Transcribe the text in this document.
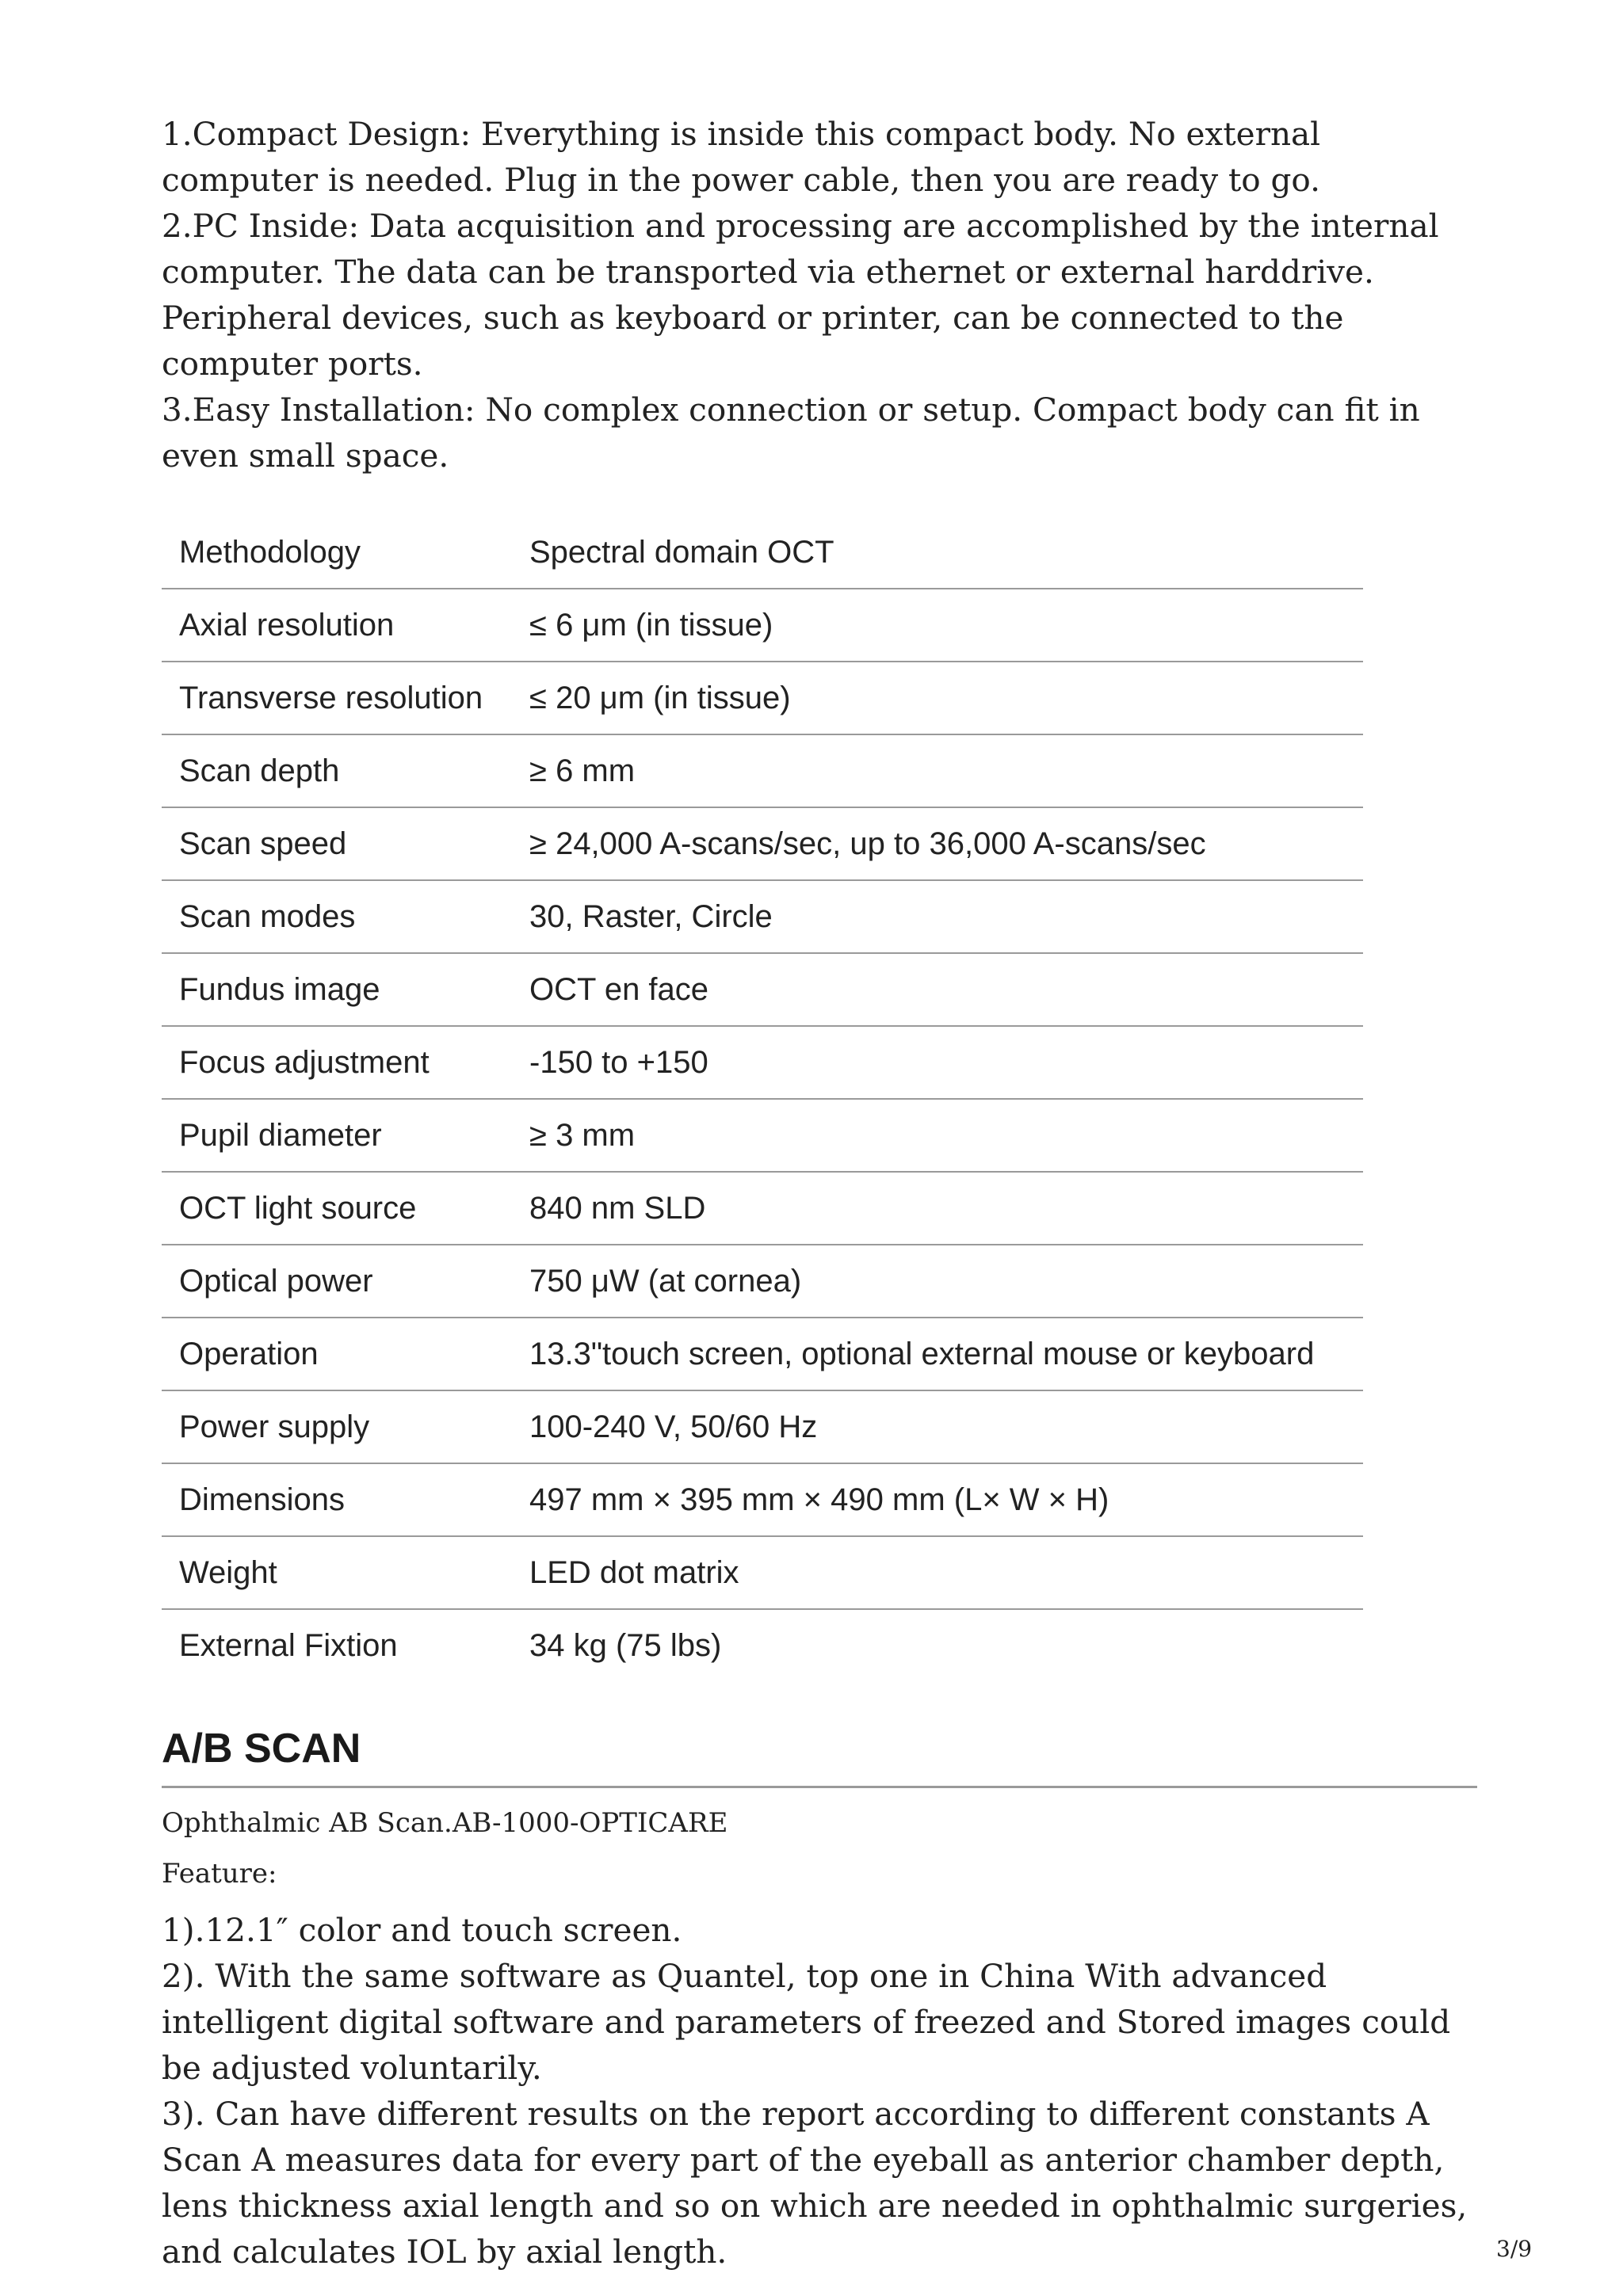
1.Compact Design: Everything is inside this compact body. No external computer is needed. Plug in the power cable, then you are ready to go.

2.PC Inside: Data acquisition and processing are accomplished by the internal computer. The data can be transported via ethernet or external harddrive. Peripheral devices, such as keyboard or printer, can be connected to the computer ports.

3.Easy Installation: No complex connection or setup. Compact body can fit in even small space.

Methodology	Spectral domain OCT
Axial resolution	≤ 6 μm (in tissue)
Transverse resolution	≤ 20 μm (in tissue)
Scan depth	≥ 6 mm
Scan speed	≥ 24,000 A-scans/sec, up to 36,000 A-scans/sec
Scan modes	30, Raster, Circle
Fundus image	OCT en face
Focus adjustment	-150 to +150
Pupil diameter	≥ 3 mm
OCT light source	840 nm SLD
Optical power	750 μW (at cornea)
Operation	13.3"touch screen, optional external mouse or keyboard
Power supply	100-240 V, 50/60 Hz
Dimensions	497 mm × 395 mm × 490 mm (L× W × H)
Weight	LED dot matrix
External Fixtion	34 kg (75 lbs)
A/B SCAN

Ophthalmic AB Scan.AB-1000-OPTICARE

Feature:

1).12.1″ color and touch screen.

2). With the same software as Quantel, top one in China With advanced intelligent digital software and parameters of freezed and Stored images could be adjusted voluntarily.

3). Can have different results on the report according to different constants A Scan A measures data for every part of the eyeball as anterior chamber depth, lens thickness axial length and so on which are needed in ophthalmic surgeries, and calculates IOL by axial length.	3/9
